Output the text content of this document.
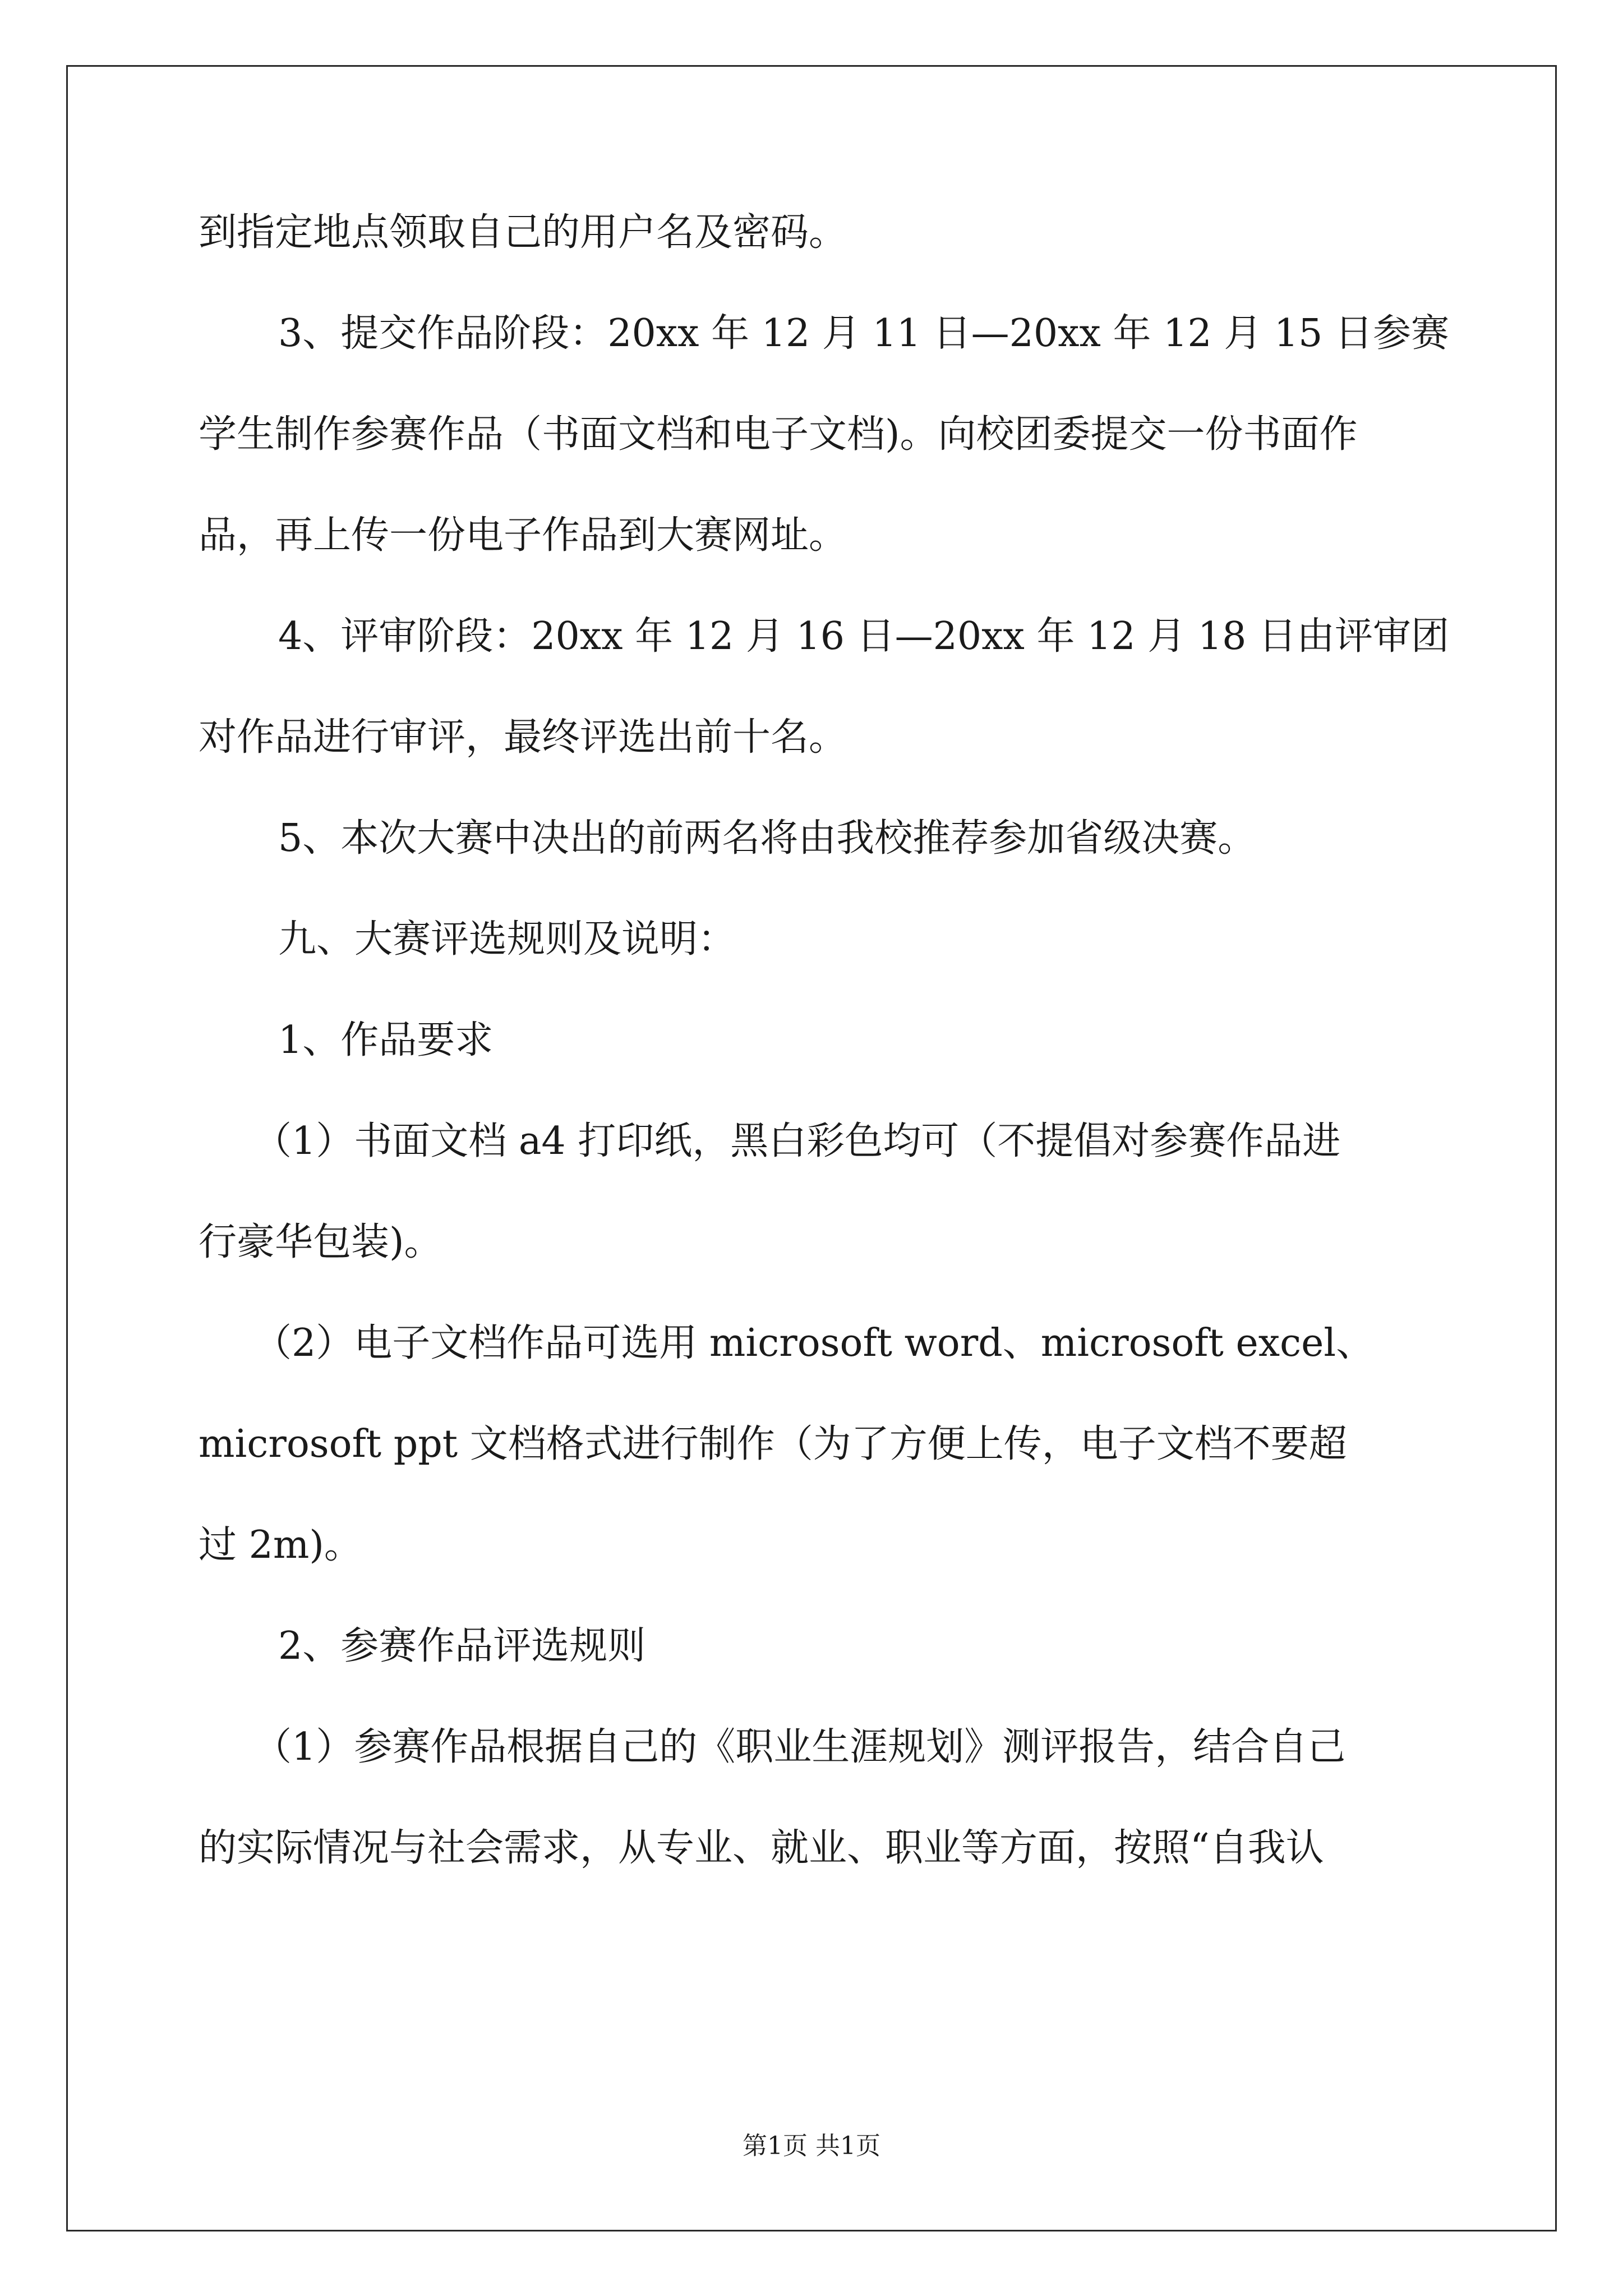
到指定地点领取自己的用户名及密码。
3、提交作品阶段：20xx 年 12 月 11 日—20xx 年 12 月 15 日参赛
学生制作参赛作品（书面文档和电子文档)。向校团委提交一份书面作
品，再上传一份电子作品到大赛网址。
4、评审阶段：20xx 年 12 月 16 日—20xx 年 12 月 18 日由评审团
对作品进行审评，最终评选出前十名。
5、本次大赛中决出的前两名将由我校推荐参加省级决赛。
九、大赛评选规则及说明：
1、作品要求
（1）书面文档 a4 打印纸，黑白彩色均可（不提倡对参赛作品进
行豪华包装)。
（2）电子文档作品可选用 microsoft word、microsoft excel、
microsoft ppt 文档格式进行制作（为了方便上传，电子文档不要超
过 2m)。
2、参赛作品评选规则
（1）参赛作品根据自己的《职业生涯规划》测评报告，结合自己
的实际情况与社会需求，从专业、就业、职业等方面，按照“自我认
第1页 共1页
